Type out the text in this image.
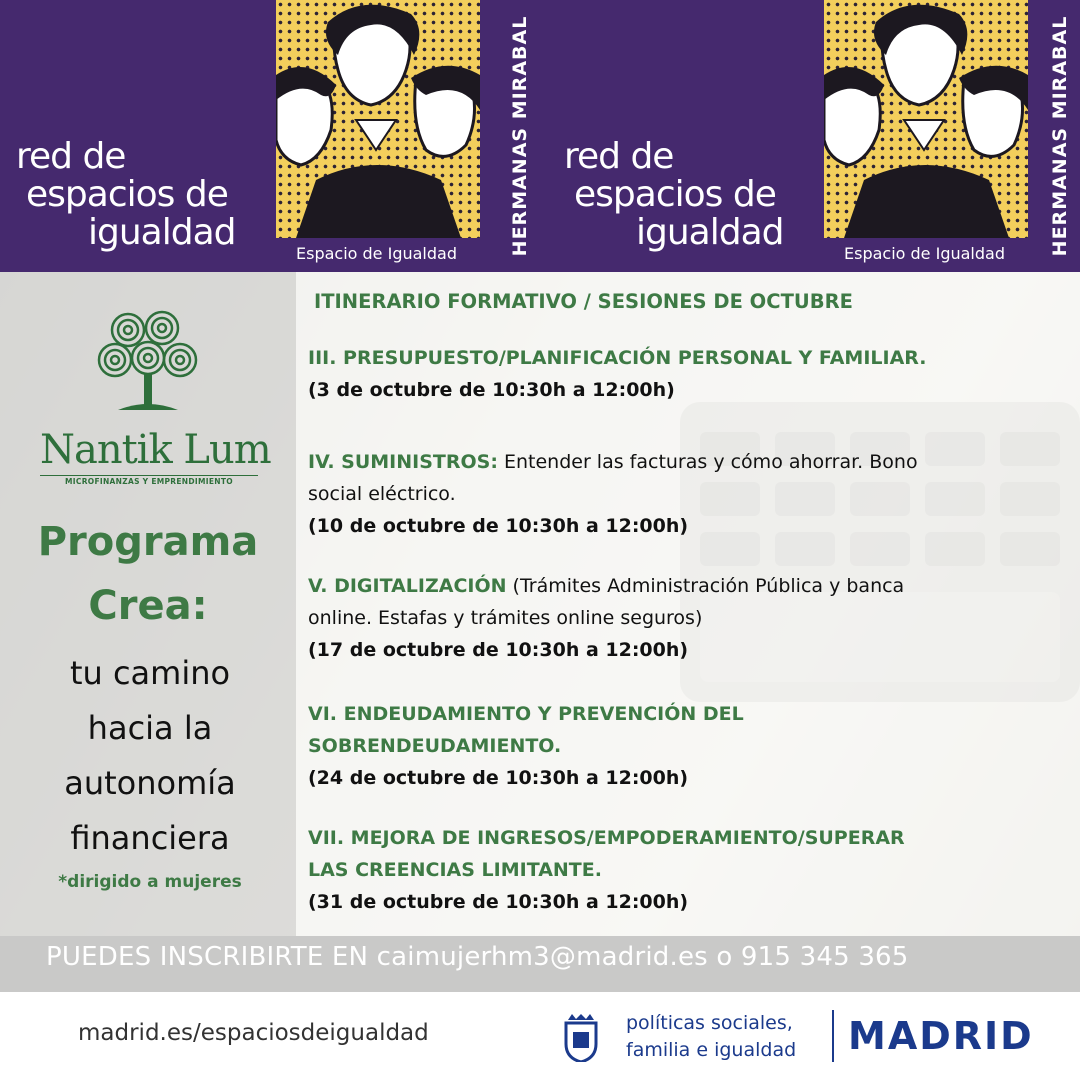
red de
espacios de
igualdad
Espacio de Igualdad	HERMANAS MIRABAL red de
espacios de
igualdad
Espacio de Igualdad HERMANAS MIRABAL
Nantik Lum
MICROFINANZAS Y EMPRENDIMIENTO
Programa
Crea:
tu camino
hacia la
autonomía
financiera
*dirigido a mujeres
ITINERARIO FORMATIVO / SESIONES DE OCTUBRE
III. PRESUPUESTO/PLANIFICACIÓN PERSONAL Y FAMILIAR.
(3 de octubre de 10:30h a 12:00h)
IV. SUMINISTROS: Entender las facturas y cómo ahorrar. Bono
social eléctrico.
(10 de octubre de 10:30h a 12:00h)
V. DIGITALIZACIÓN (Trámites Administración Pública y banca
online. Estafas y trámites online seguros)
(17 de octubre de 10:30h a 12:00h)
VI. ENDEUDAMIENTO Y PREVENCIÓN DEL
SOBRENDEUDAMIENTO.
(24 de octubre de 10:30h a 12:00h)
VII. MEJORA DE INGRESOS/EMPODERAMIENTO/SUPERAR
LAS CREENCIAS LIMITANTE.
(31 de octubre de 10:30h a 12:00h)
PUEDES INSCRIBIRTE EN caimujerhm3@madrid.es o 915 345 365
madrid.es/espaciosdeigualdad	políticas sociales,
familia e igualdad MADRID
